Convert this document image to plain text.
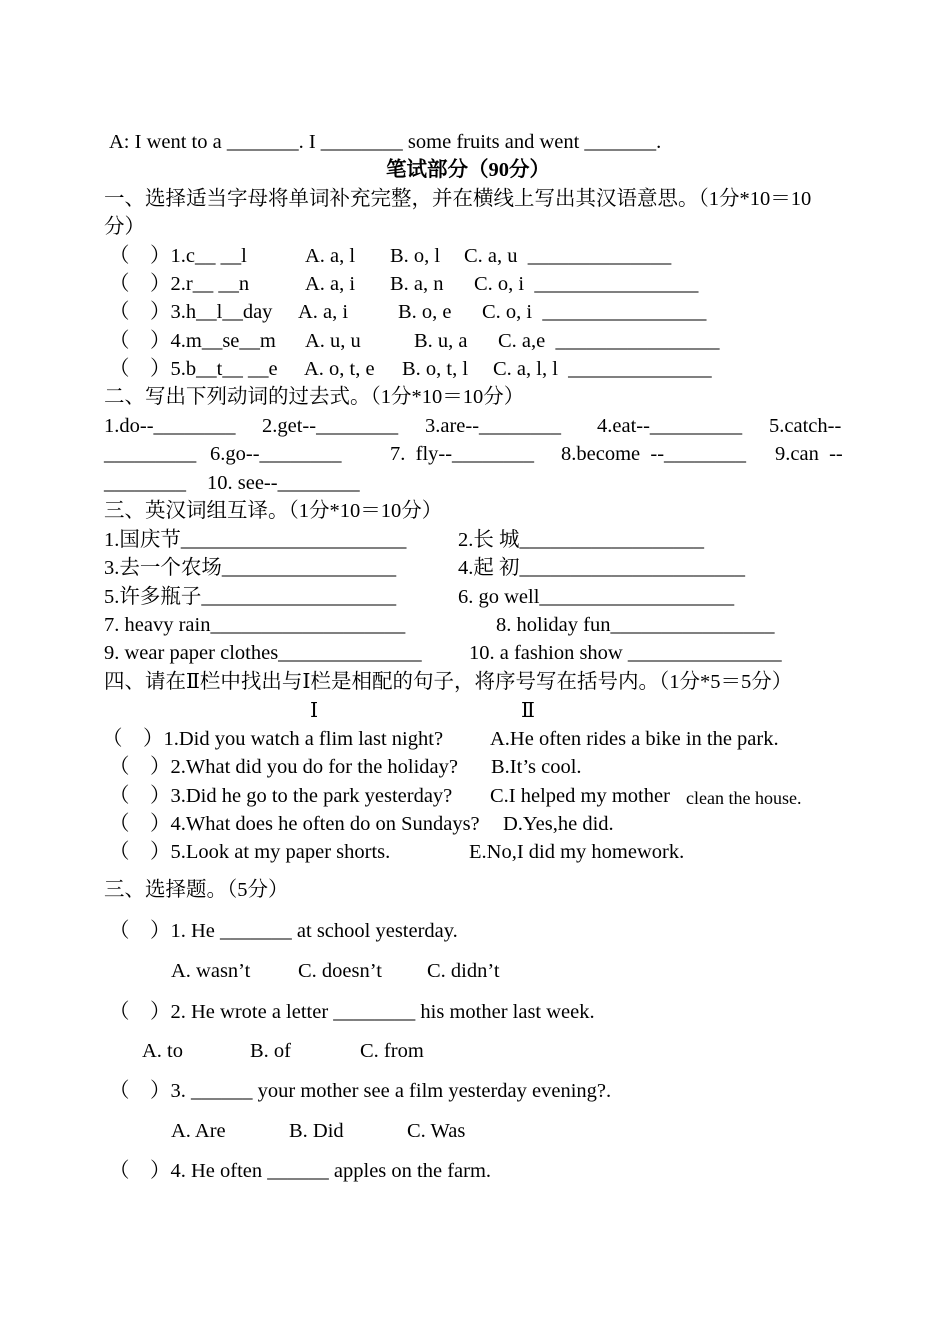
A: I went to a _______. I ________ some fruits and went _______.
笔试部分（90分）
一、选择适当字母将单词补充完整，并在横线上写出其汉语意思。（1分*10＝10
分）
（　）1.c__ __l	A. a, l B. o, l C. a, u  ______________
（　）2.r__ __n	A. a, i B. a, n C. o, i  ________________
（　）3.h__l__day A. a, i B. o, e C. o, i  ________________
（　）4.m__se__m A. u, u	B. u, a C. a,e  ________________
（　）5.b__t__ __e A. o, t, e B. o, t, l C. a, l, l  ______________
二、写出下列动词的过去式。（1分*10＝10分）
1.do--________ 2.get--________ 3.are--________ 4.eat--_________ 5.catch--
_________ 6.go--________ 7.  fly--________ 8.become  --________ 9.can  --
________ 10. see--________
三、英汉词组互译。（1分*10＝10分）
1.国庆节______________________	2.长 城__________________
3.去一个农场_________________	4.起 初______________________
5.许多瓶子___________________	6. go well___________________
7. heavy rain___________________	8. holiday fun________________
9. wear paper clothes______________ 10. a fashion show _______________
四、请在Ⅱ栏中找出与Ⅰ栏是相配的句子，将序号写在括号内。（1分*5＝5分）
Ⅰ	Ⅱ
（　）1.Did you watch a flim last night? A.He often rides a bike in the park.
（　）2.What did you do for the holiday? B.It’s cool.
（　）3.Did he go to the park yesterday? C.I helped my mother clean the house.
（　）4.What does he often do on Sundays? D.Yes,he did.
（　）5.Look at my paper shorts.	E.No,I did my homework.
三、选择题。（5分）
（　）1. He _______ at school yesterday.
A. wasn’t C. doesn’t C. didn’t
（　）2. He wrote a letter ________ his mother last week.
A. to	B. of	C. from
（　）3. ______ your mother see a film yesterday evening?.
A. Are	B. Did	C. Was
（　）4. He often ______ apples on the farm.
